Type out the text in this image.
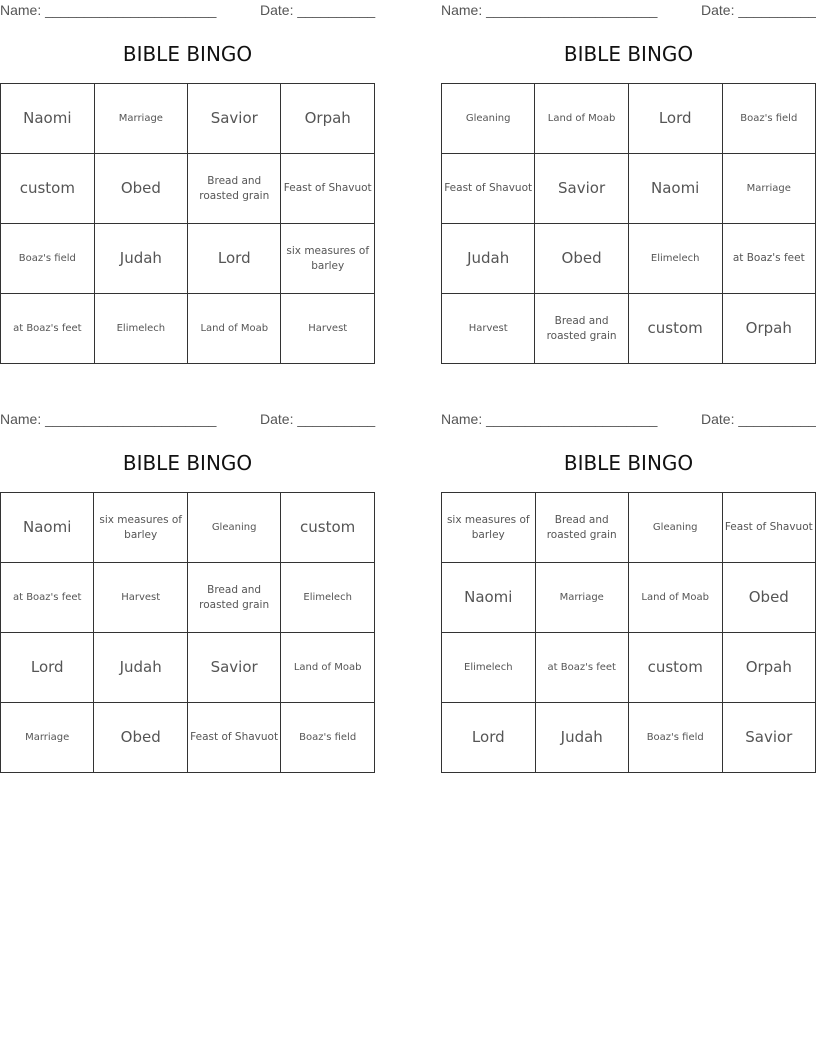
Name: ______________________	Date: __________
BIBLE BINGO
Naomi	Marriage	Savior	Orpah
custom	Obed	Bread and roasted grain	Feast of Shavuot
Boaz's field	Judah	Lord	six measures of barley
at Boaz's feet	Elimelech	Land of Moab	Harvest
Name: ______________________	Date: __________
BIBLE BINGO
Gleaning	Land of Moab	Lord	Boaz's field
Feast of Shavuot	Savior	Naomi	Marriage
Judah	Obed	Elimelech	at Boaz's feet
Harvest	Bread and roasted grain	custom	Orpah
Name: ______________________	Date: __________
BIBLE BINGO
Naomi	six measures of barley	Gleaning	custom
at Boaz's feet	Harvest	Bread and roasted grain	Elimelech
Lord	Judah	Savior	Land of Moab
Marriage	Obed	Feast of Shavuot	Boaz's field
Name: ______________________	Date: __________
BIBLE BINGO
six measures of barley	Bread and roasted grain	Gleaning	Feast of Shavuot
Naomi	Marriage	Land of Moab	Obed
Elimelech	at Boaz's feet	custom	Orpah
Lord	Judah	Boaz's field	Savior
